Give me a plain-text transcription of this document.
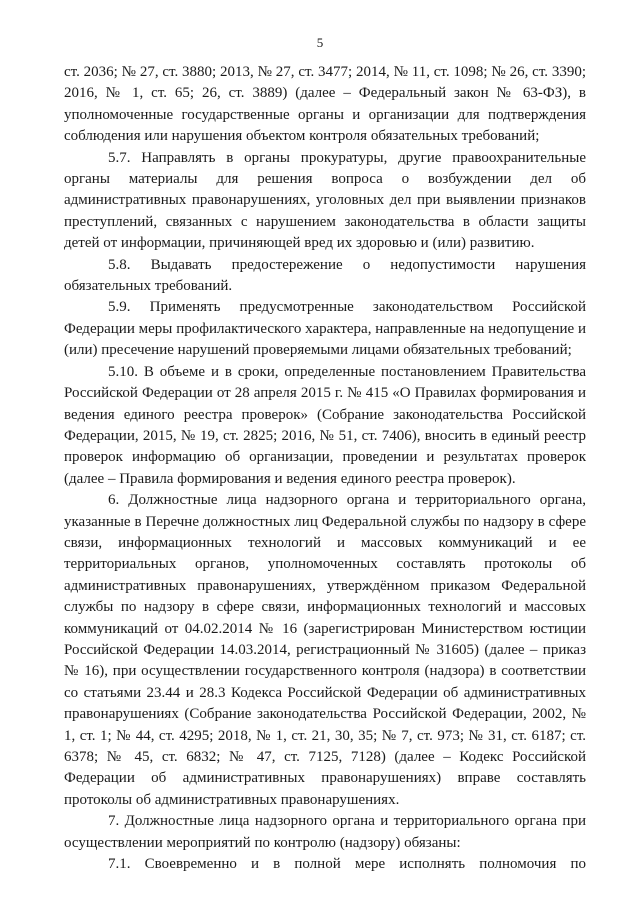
5

ст. 2036; № 27, ст. 3880; 2013, № 27, ст. 3477; 2014, № 11, ст. 1098; № 26, ст. 3390; 2016, № 1, ст. 65; 26, ст. 3889) (далее – Федеральный закон № 63-ФЗ), в уполномоченные государственные органы и организации для подтверждения соблюдения или нарушения объектом контроля обязательных требований;

5.7. Направлять в органы прокуратуры, другие правоохранительные органы материалы для решения вопроса о возбуждении дел об административных правонарушениях, уголовных дел при выявлении признаков преступлений, связанных с нарушением законодательства в области защиты детей от информации, причиняющей вред их здоровью и (или) развитию.

5.8. Выдавать предостережение о недопустимости нарушения обязательных требований.

5.9. Применять предусмотренные законодательством Российской Федерации меры профилактического характера, направленные на недопущение и (или) пресечение нарушений проверяемыми лицами обязательных требований;

5.10. В объеме и в сроки, определенные постановлением Правительства Российской Федерации от 28 апреля 2015 г. № 415 «О Правилах формирования и ведения единого реестра проверок» (Собрание законодательства Российской Федерации, 2015, № 19, ст. 2825; 2016, № 51, ст. 7406), вносить в единый реестр проверок информацию об организации, проведении и результатах проверок (далее – Правила формирования и ведения единого реестра проверок).

6. Должностные лица надзорного органа и территориального органа, указанные в Перечне должностных лиц Федеральной службы по надзору в сфере связи, информационных технологий и массовых коммуникаций и ее территориальных органов, уполномоченных составлять протоколы об административных правонарушениях, утверждённом приказом Федеральной службы по надзору в сфере связи, информационных технологий и массовых коммуникаций от 04.02.2014 № 16 (зарегистрирован Министерством юстиции Российской Федерации 14.03.2014, регистрационный № 31605) (далее – приказ № 16), при осуществлении государственного контроля (надзора) в соответствии со статьями 23.44 и 28.3 Кодекса Российской Федерации об административных правонарушениях (Собрание законодательства Российской Федерации, 2002, № 1, ст. 1; № 44, ст. 4295; 2018, № 1, ст. 21, 30, 35; № 7, ст. 973; № 31, ст. 6187; ст. 6378; № 45, ст. 6832; № 47, ст. 7125, 7128) (далее – Кодекс Российской Федерации об административных правонарушениях) вправе составлять протоколы об административных правонарушениях.

7. Должностные лица надзорного органа и территориального органа при осуществлении мероприятий по контролю (надзору) обязаны:

7.1. Своевременно и в полной мере исполнять полномочия по
